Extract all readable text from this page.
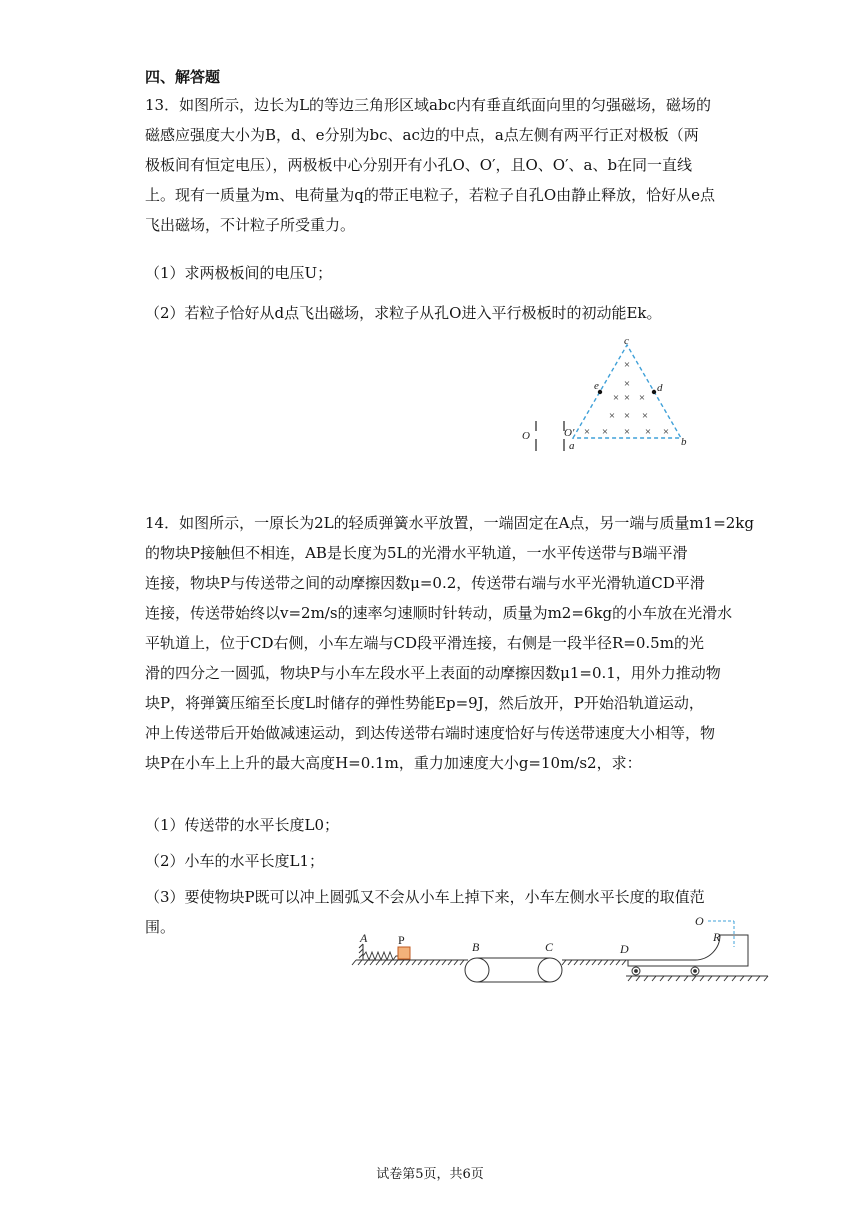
四、解答题
13．如图所示，边长为L的等边三角形区域abc内有垂直纸面向里的匀强磁场，磁场的
磁感应强度大小为B，d、e分别为bc、ac边的中点，a点左侧有两平行正对极板（两
极板间有恒定电压），两极板中心分别开有小孔O、O′，且O、O′、a、b在同一直线
上。现有一质量为m、电荷量为q的带正电粒子，若粒子自孔O由静止释放，恰好从e点
飞出磁场，不计粒子所受重力。
（1）求两极板间的电压U；
（2）若粒子恰好从d点飞出磁场，求粒子从孔O进入平行极板时的初动能Ek。
×
×
× × ×
× × ×
× × × × ×
c
e	d
b
a
O	O′
14．如图所示，一原长为2L的轻质弹簧水平放置，一端固定在A点，另一端与质量m1=2kg
的物块P接触但不相连，AB是长度为5L的光滑水平轨道，一水平传送带与B端平滑
连接，物块P与传送带之间的动摩擦因数μ=0.2，传送带右端与水平光滑轨道CD平滑
连接，传送带始终以v=2m/s的速率匀速顺时针转动，质量为m2=6kg的小车放在光滑水
平轨道上，位于CD右侧，小车左端与CD段平滑连接，右侧是一段半径R=0.5m的光
滑的四分之一圆弧，物块P与小车左段水平上表面的动摩擦因数μ1=0.1，用外力推动物
块P，将弹簧压缩至长度L时储存的弹性势能Ep=9J，然后放开，P开始沿轨道运动，
冲上传送带后开始做减速运动，到达传送带右端时速度恰好与传送带速度大小相等，物
块P在小车上上升的最大高度H=0.1m，重力加速度大小g=10m/s2，求：
（1）传送带的水平长度L0；
（2）小车的水平长度L1；
（3）要使物块P既可以冲上圆弧又不会从小车上掉下来，小车左侧水平长度的取值范
围。
A	P	B	C	D
O
R
试卷第5页，共6页
